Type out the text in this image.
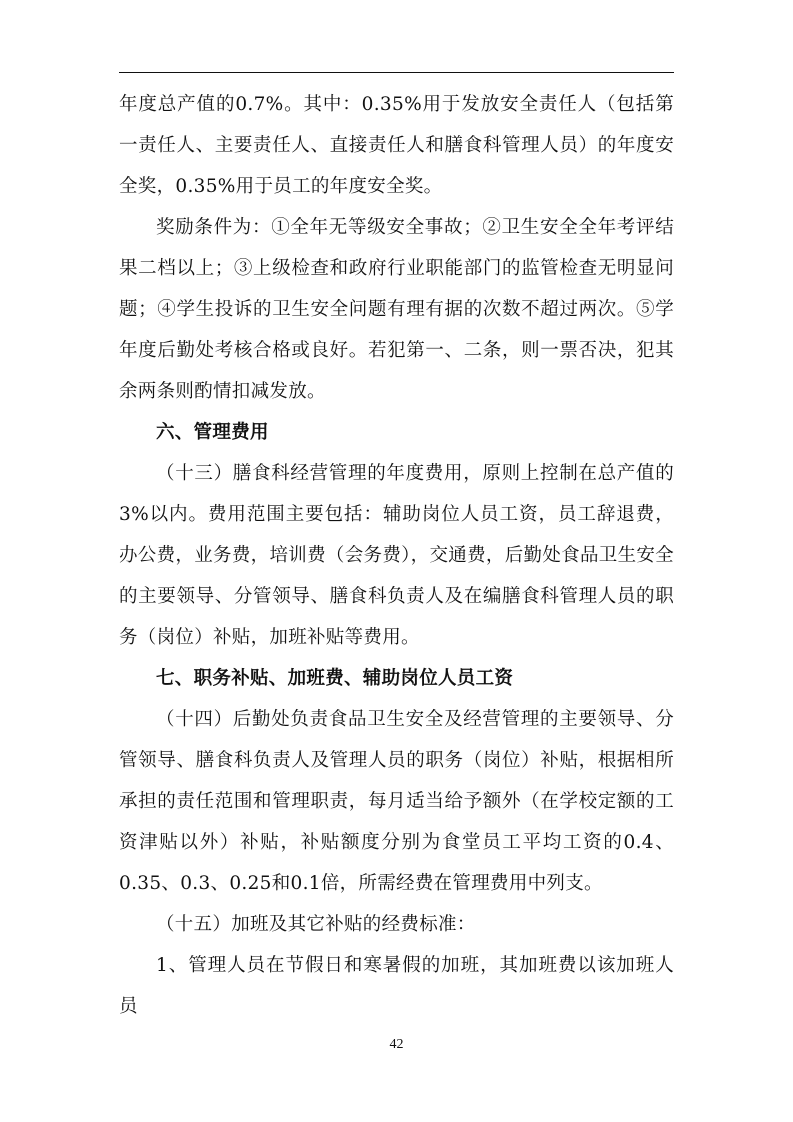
年度总产值的0.7%。其中：0.35%用于发放安全责任人（包括第一责任人、主要责任人、直接责任人和膳食科管理人员）的年度安全奖，0.35%用于员工的年度安全奖。

奖励条件为：①全年无等级安全事故；②卫生安全全年考评结果二档以上；③上级检查和政府行业职能部门的监管检查无明显问题；④学生投诉的卫生安全问题有理有据的次数不超过两次。⑤学年度后勤处考核合格或良好。若犯第一、二条，则一票否决，犯其余两条则酌情扣减发放。

六、管理费用

（十三）膳食科经营管理的年度费用，原则上控制在总产值的3%以内。费用范围主要包括：辅助岗位人员工资，员工辞退费，办公费，业务费，培训费（会务费），交通费，后勤处食品卫生安全的主要领导、分管领导、膳食科负责人及在编膳食科管理人员的职务（岗位）补贴，加班补贴等费用。

七、职务补贴、加班费、辅助岗位人员工资

（十四）后勤处负责食品卫生安全及经营管理的主要领导、分管领导、膳食科负责人及管理人员的职务（岗位）补贴，根据相所承担的责任范围和管理职责，每月适当给予额外（在学校定额的工资津贴以外）补贴，补贴额度分别为食堂员工平均工资的0.4、0.35、0.3、0.25和0.1倍，所需经费在管理费用中列支。

（十五）加班及其它补贴的经费标准：

1、管理人员在节假日和寒暑假的加班，其加班费以该加班人员

42
